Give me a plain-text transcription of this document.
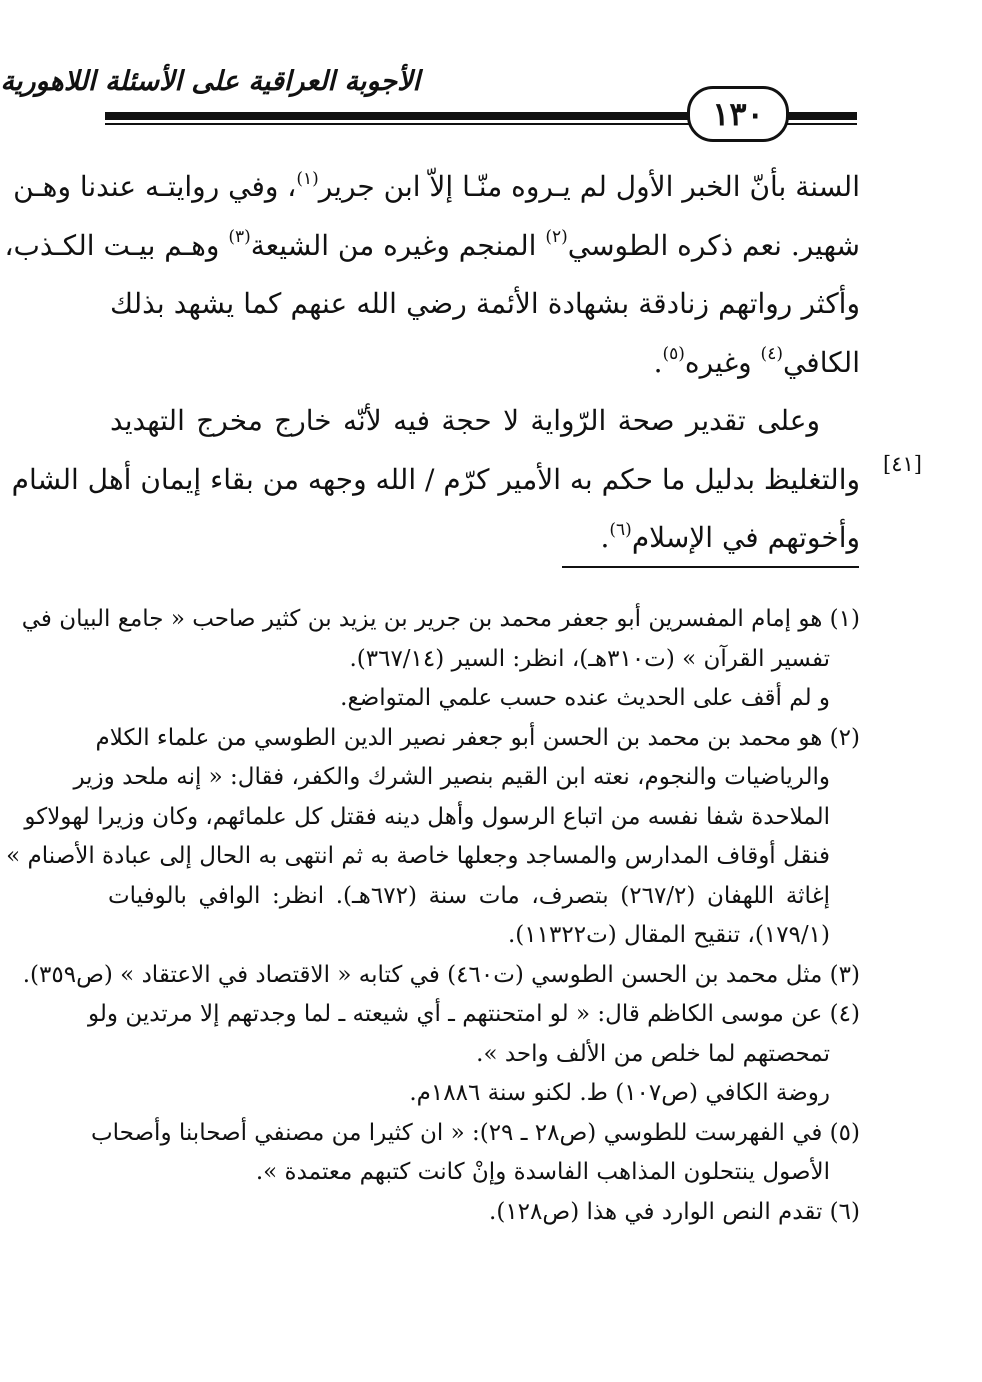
الأجوبة العراقية على الأسئلة اللاهورية
١٣٠
السنة بأنّ الخبر الأول لم يـروه منّـا إلاّ ابن جرير$^{(١)}$، وفي روايتـه عندنا وهـن
شهير. نعم ذكره الطوسي$^{(٢)}$ المنجم وغيره من الشيعة$^{(٣)}$ وهـم بيـت الكـذب،
وأكثر رواتهم زنادقة بشهادة الأئمة رضي الله عنهم كما يشهد بذلك
الكافي$^{(٤)}$ وغيره$^{(٥)}$.
وعلى تقدير صحة الرّواية لا حجة فيه لأنّه خارج مخرج التهديد
والتغليظ بدليل ما حكم به الأمير كرّم / الله وجهه من بقاء إيمان أهل الشام
وأخوتهم في الإسلام$^{(٦)}$.
[٤١]
(١) هو إمام المفسرين أبو جعفر محمد بن جرير بن يزيد بن كثير صاحب « جامع البيان في
تفسير القرآن » (ت٣١٠هـ)، انظر: السير (٣٦٧/١٤).
و لم أقف على الحديث عنده حسب علمي المتواضع.
(٢) هو محمد بن محمد بن الحسن أبو جعفر نصير الدين الطوسي من علماء الكلام
والرياضيات والنجوم، نعته ابن القيم بنصير الشرك والكفر، فقال: « إنه ملحد وزير
الملاحدة شفا نفسه من اتباع الرسول وأهل دينه فقتل كل علمائهم، وكان وزيرا لهولاكو
فنقل أوقاف المدارس والمساجد وجعلها خاصة به ثم انتهى به الحال إلى عبادة الأصنام »
إغاثة اللهفان (٢٦٧/٢) بتصرف، مات سنة (٦٧٢هـ). انظر: الوافي بالوفيات
(١٧٩/١)، تنقيح المقال (ت١١٣٢٢).
(٣) مثل محمد بن الحسن الطوسي (ت٤٦٠) في كتابه « الاقتصاد في الاعتقاد » (ص٣٥٩).
(٤) عن موسى الكاظم قال: « لو امتحنتهم ـ أي شيعته ـ لما وجدتهم إلا مرتدين ولو
تمحصتهم لما خلص من الألف واحد ».
روضة الكافي (ص١٠٧) ط. لكنو سنة ١٨٨٦م.
(٥) في الفهرست للطوسي (ص٢٨ ـ ٢٩): « ان كثيرا من مصنفي أصحابنا وأصحاب
الأصول ينتحلون المذاهب الفاسدة وإنْ كانت كتبهم معتمدة ».
(٦) تقدم النص الوارد في هذا (ص١٢٨).
